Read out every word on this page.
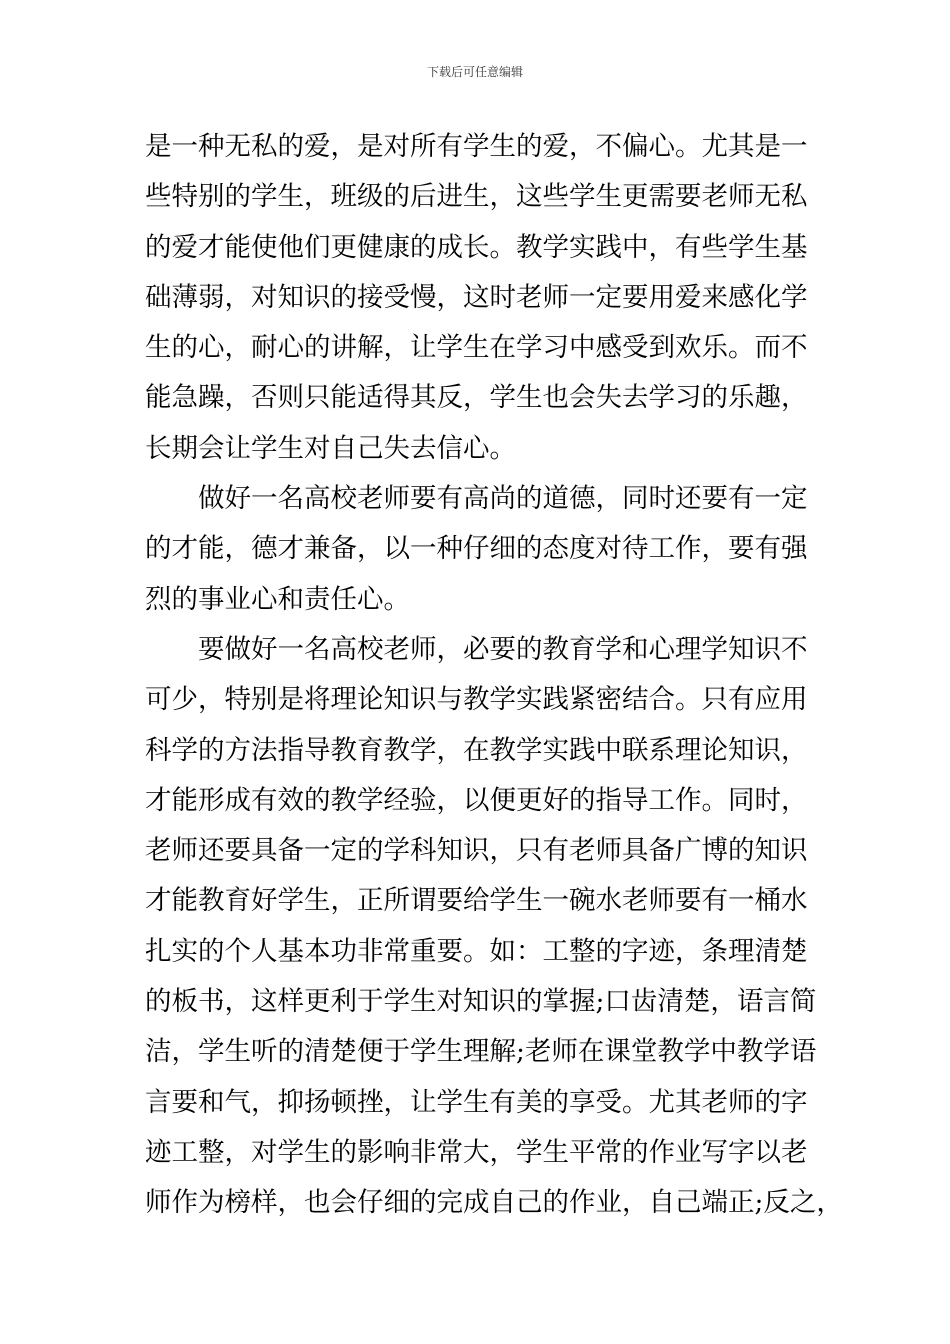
下载后可任意编辑
是一种无私的爱，是对所有学生的爱，不偏心。尤其是一
些特别的学生，班级的后进生，这些学生更需要老师无私
的爱才能使他们更健康的成长。教学实践中，有些学生基
础薄弱，对知识的接受慢，这时老师一定要用爱来感化学
生的心，耐心的讲解，让学生在学习中感受到欢乐。而不
能急躁，否则只能适得其反，学生也会失去学习的乐趣，
长期会让学生对自己失去信心。
　　做好一名高校老师要有高尚的道德，同时还要有一定
的才能，德才兼备，以一种仔细的态度对待工作，要有强
烈的事业心和责任心。
　　要做好一名高校老师，必要的教育学和心理学知识不
可少，特别是将理论知识与教学实践紧密结合。只有应用
科学的方法指导教育教学，在教学实践中联系理论知识，
才能形成有效的教学经验，以便更好的指导工作。同时，
老师还要具备一定的学科知识，只有老师具备广博的知识
才能教育好学生，正所谓要给学生一碗水老师要有一桶水
扎实的个人基本功非常重要。如：工整的字迹，条理清楚
的板书，这样更利于学生对知识的掌握;口齿清楚，语言简
洁，学生听的清楚便于学生理解;老师在课堂教学中教学语
言要和气，抑扬顿挫，让学生有美的享受。尤其老师的字
迹工整，对学生的影响非常大，学生平常的作业写字以老
师作为榜样，也会仔细的完成自己的作业，自己端正;反之，
